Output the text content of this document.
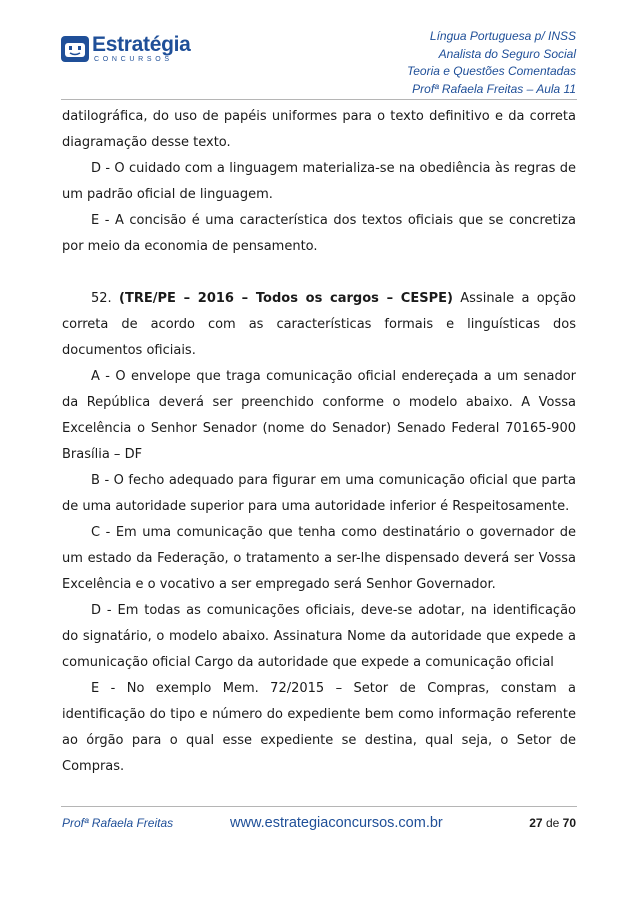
Estratégia
CONCURSOS
Língua Portuguesa p/ INSS
Analista do Seguro Social
Teoria e Questões Comentadas
Profª Rafaela Freitas – Aula 11

datilográfica, do uso de papéis uniformes para o texto definitivo e da correta diagramação desse texto.

D - O cuidado com a linguagem materializa-se na obediência às regras de um padrão oficial de linguagem.

E - A concisão é uma característica dos textos oficiais que se concretiza por meio da economia de pensamento.

52. (TRE/PE – 2016 – Todos os cargos – CESPE) Assinale a opção correta de acordo com as características formais e linguísticas dos documentos oficiais.

A - O envelope que traga comunicação oficial endereçada a um senador da República deverá ser preenchido conforme o modelo abaixo. A Vossa Excelência o Senhor Senador (nome do Senador) Senado Federal 70165-900

Brasília – DF

B - O fecho adequado para figurar em uma comunicação oficial que parta de uma autoridade superior para uma autoridade inferior é Respeitosamente.

C - Em uma comunicação que tenha como destinatário o governador de um estado da Federação, o tratamento a ser-lhe dispensado deverá ser Vossa Excelência e o vocativo a ser empregado será Senhor Governador.

D - Em todas as comunicações oficiais, deve-se adotar, na identificação do signatário, o modelo abaixo. Assinatura Nome da autoridade que expede a comunicação oficial Cargo da autoridade que expede a comunicação oficial

E - No exemplo Mem. 72/2015 – Setor de Compras, constam a identificação do tipo e número do expediente bem como informação referente ao órgão para o qual esse expediente se destina, qual seja, o Setor de Compras.

Profª Rafaela Freitas	www.estrategiaconcursos.com.br	27 de 70
